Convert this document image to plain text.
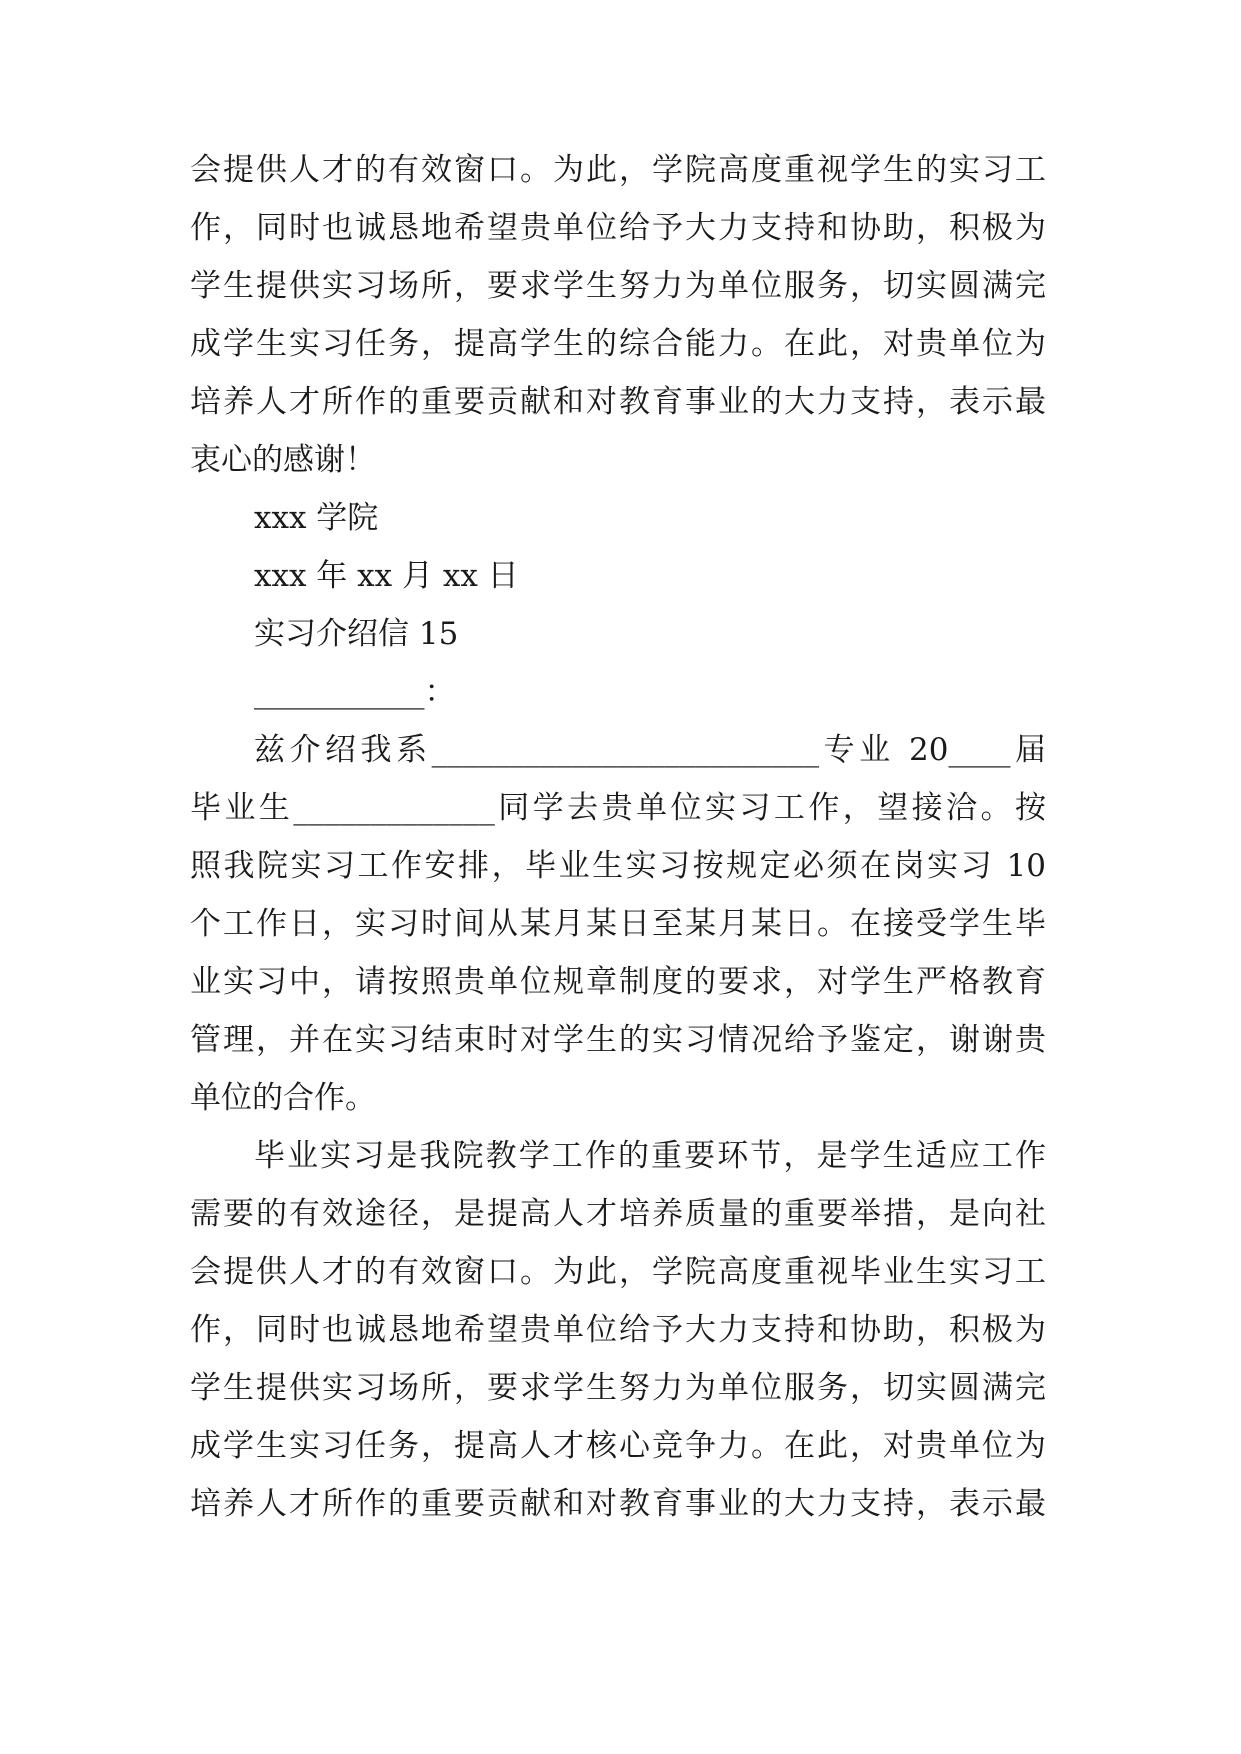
会提供人才的有效窗口。为此，学院高度重视学生的实习工
作，同时也诚恳地希望贵单位给予大力支持和协助，积极为
学生提供实习场所，要求学生努力为单位服务，切实圆满完
成学生实习任务，提高学生的综合能力。在此，对贵单位为
培养人才所作的重要贡献和对教育事业的大力支持，表示最
衷心的感谢！
xxx 学院
xxx 年 xx 月 xx 日
实习介绍信 15
___________：
兹介绍我系_________________________专业 20____届
毕业生_____________同学去贵单位实习工作，望接洽。按
照我院实习工作安排，毕业生实习按规定必须在岗实习 10
个工作日，实习时间从某月某日至某月某日。在接受学生毕
业实习中，请按照贵单位规章制度的要求，对学生严格教育
管理，并在实习结束时对学生的实习情况给予鉴定，谢谢贵
单位的合作。
毕业实习是我院教学工作的重要环节，是学生适应工作
需要的有效途径，是提高人才培养质量的重要举措，是向社
会提供人才的有效窗口。为此，学院高度重视毕业生实习工
作，同时也诚恳地希望贵单位给予大力支持和协助，积极为
学生提供实习场所，要求学生努力为单位服务，切实圆满完
成学生实习任务，提高人才核心竞争力。在此，对贵单位为
培养人才所作的重要贡献和对教育事业的大力支持，表示最
